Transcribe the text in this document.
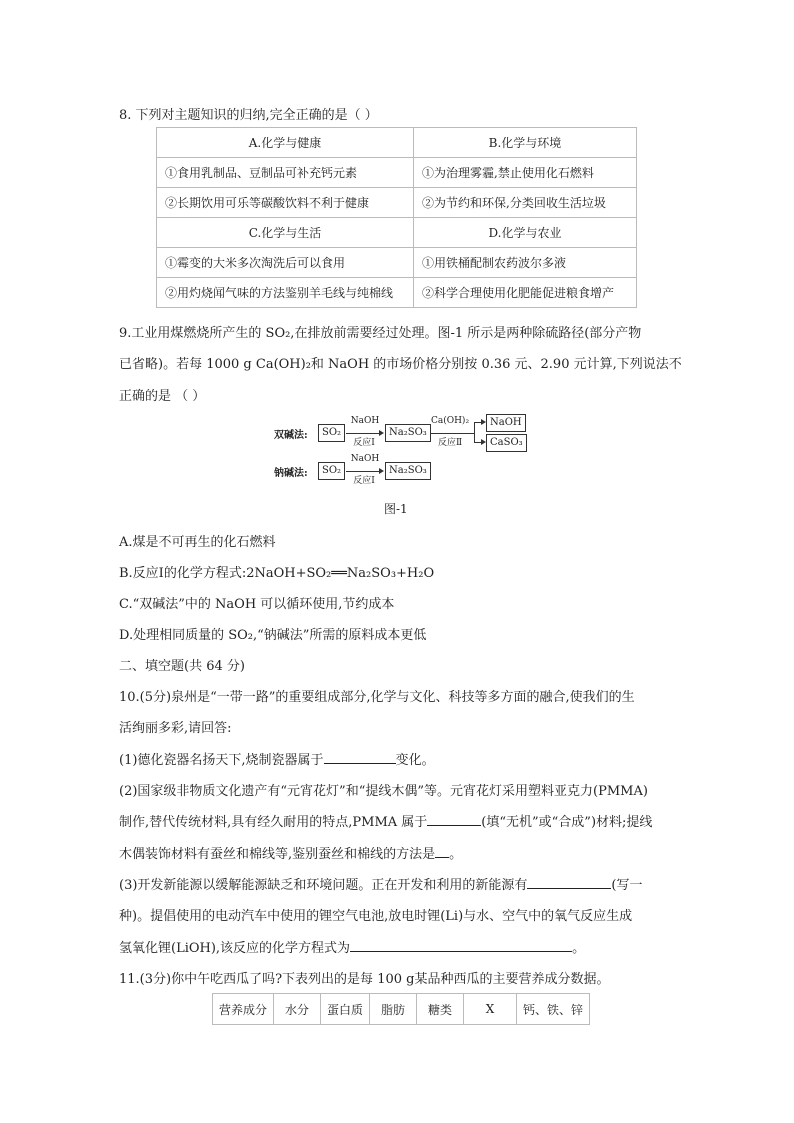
8. 下列对主题知识的归纳,完全正确的是（ ）
A.化学与健康	B.化学与环境
①食用乳制品、豆制品可补充钙元素	①为治理雾霾,禁止使用化石燃料
②长期饮用可乐等碳酸饮料不利于健康	②为节约和环保,分类回收生活垃圾
C.化学与生活	D.化学与农业
①霉变的大米多次淘洗后可以食用	①用铁桶配制农药波尔多液
②用灼烧闻气味的方法鉴别羊毛线与纯棉线	②科学合理使用化肥能促进粮食增产
9.工业用煤燃烧所产生的 SO₂,在排放前需要经过处理。图-1 所示是两种除硫路径(部分产物
已省略)。若每 1000 g Ca(OH)₂和 NaOH 的市场价格分别按 0.36 元、2.90 元计算,下列说法不
正确的是 （ ）
双碱法:	SO₂
NaOH
反应Ⅰ
Na₂SO₃
Ca(OH)₂
反应Ⅱ
NaOH
CaSO₃
钠碱法:	SO₂
NaOH
反应Ⅰ
Na₂SO₃
图-1
A.煤是不可再生的化石燃料
B.反应Ⅰ的化学方程式:2NaOH+SO₂══Na₂SO₃+H₂O
C.“双碱法”中的 NaOH 可以循环使用,节约成本
D.处理相同质量的 SO₂,“钠碱法”所需的原料成本更低
二、填空题(共 64 分)
10.(5分)泉州是“一带一路”的重要组成部分,化学与文化、科技等多方面的融合,使我们的生
活绚丽多彩,请回答:
(1)德化瓷器名扬天下,烧制瓷器属于	变化。
(2)国家级非物质文化遗产有“元宵花灯”和“提线木偶”等。元宵花灯采用塑料亚克力(PMMA)
制作,替代传统材料,具有经久耐用的特点,PMMA 属于	(填“无机”或“合成”)材料;提线
木偶装饰材料有蚕丝和棉线等,鉴别蚕丝和棉线的方法是 。
(3)开发新能源以缓解能源缺乏和环境问题。正在开发和利用的新能源有	(写一
种)。提倡使用的电动汽车中使用的锂空气电池,放电时锂(Li)与水、空气中的氧气反应生成
氢氧化锂(LiOH),该反应的化学方程式为	。
11.(3分)你中午吃西瓜了吗?下表列出的是每 100 g某品种西瓜的主要营养成分数据。
营养成分	水分	蛋白质	脂肪	糖类	X	钙、铁、锌
